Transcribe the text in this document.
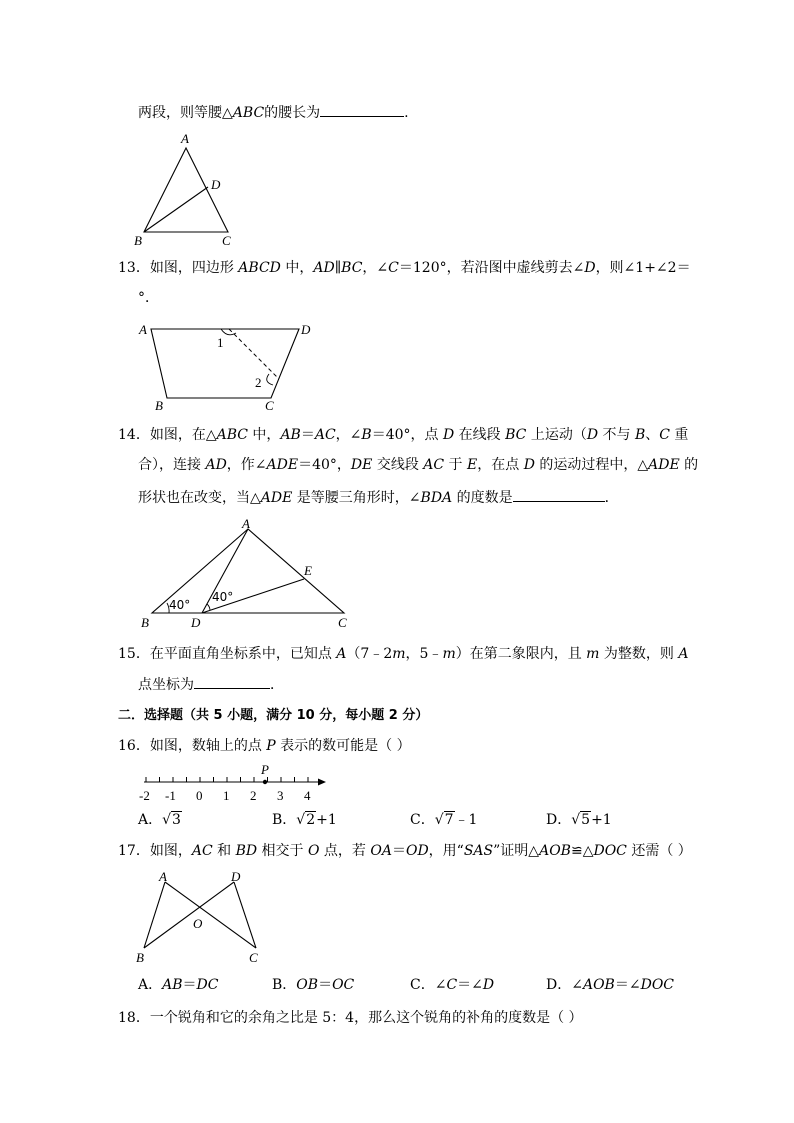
两段，则等腰△ABC的腰长为	.
A
B	C
D
13．如图，四边形 ABCD 中，AD∥BC，∠C＝120°，若沿图中虚线剪去∠D，则∠1+∠2＝
°．
A	D
B	C
1
2
14．如图，在△ABC 中，AB＝AC，∠B＝40°，点 D 在线段 BC 上运动（D 不与 B、C 重
合），连接 AD，作∠ADE＝40°，DE 交线段 AC 于 E，在点 D 的运动过程中，△ADE 的
形状也在改变，当△ADE 是等腰三角形时，∠BDA 的度数是	．
A
B	C
D
E
40°
40°
15．在平面直角坐标系中，已知点 A（7﹣2m，5﹣m）在第二象限内，且 m 为整数，则 A
点坐标为	．
二．选择题（共 5 小题，满分 10 分，每小题 2 分）
16．如图，数轴上的点 P 表示的数可能是（ ）
P
-2 -1 0 1 2 3 4
A．√3	B．√2+1	C．√7﹣1	D．√5+1
17．如图，AC 和 BD 相交于 O 点，若 OA＝OD，用“SAS”证明△AOB≌△DOC 还需（ ）
A	D
B	C
O
A．AB＝DC	B．OB＝OC	C．∠C＝∠D	D．∠AOB＝∠DOC
18．一个锐角和它的余角之比是 5：4，那么这个锐角的补角的度数是（ ）
